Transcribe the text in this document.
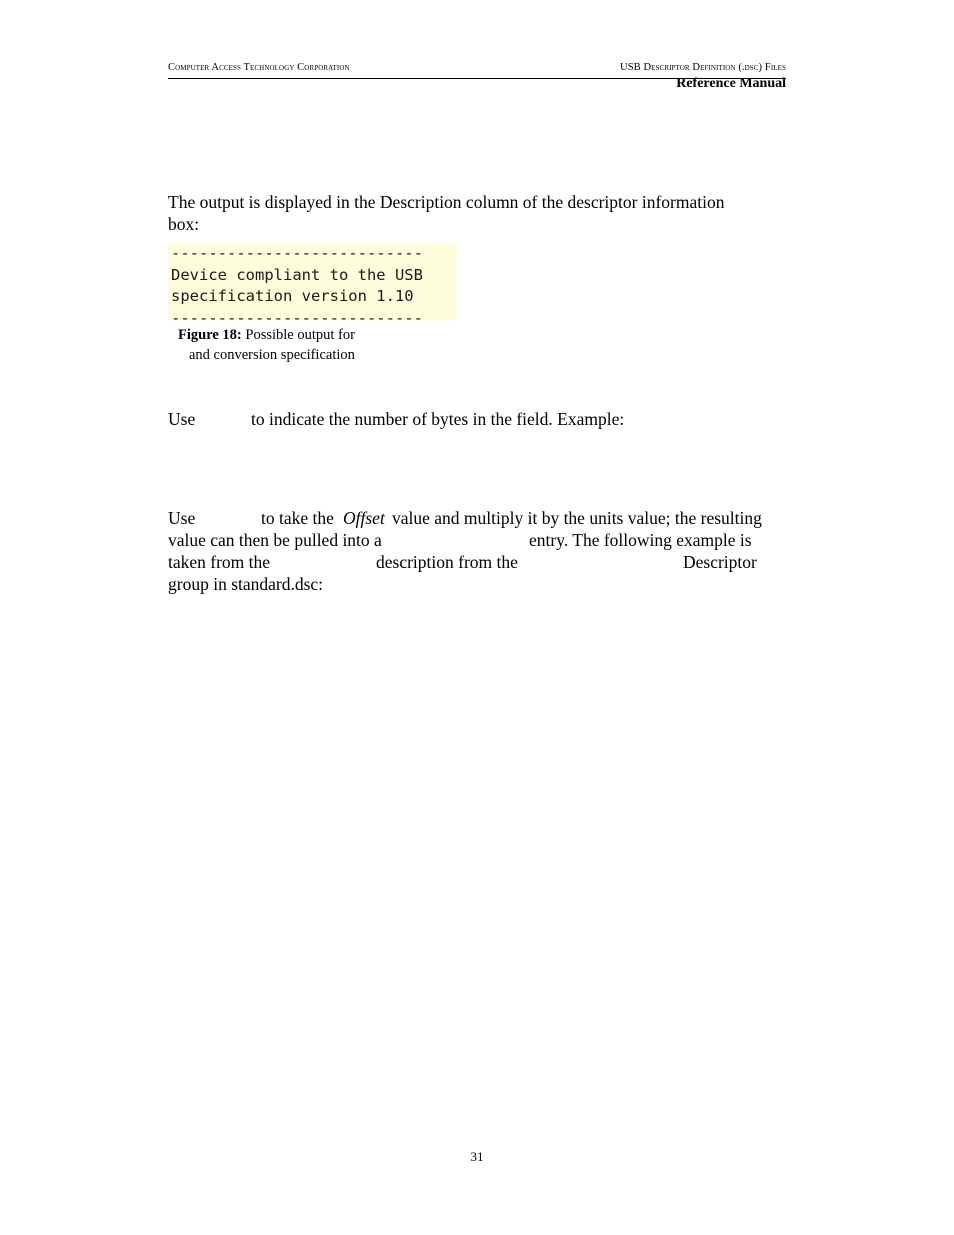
Computer Access Technology Corporation	USB Descriptor Definition (.dsc) Files
Reference Manual
The output is displayed in the Description column of the descriptor information
box:
---------------------------
Device compliant to the USB
specification version 1.10
---------------------------
Figure 18: Possible output for
and conversion specification
Use	to indicate the number of bytes in the field. Example:
Use	to take the Offset value and multiply it by the units value; the resulting
value can then be pulled into a	entry. The following example is
taken from the	description from the	Descriptor
group in standard.dsc:
31
